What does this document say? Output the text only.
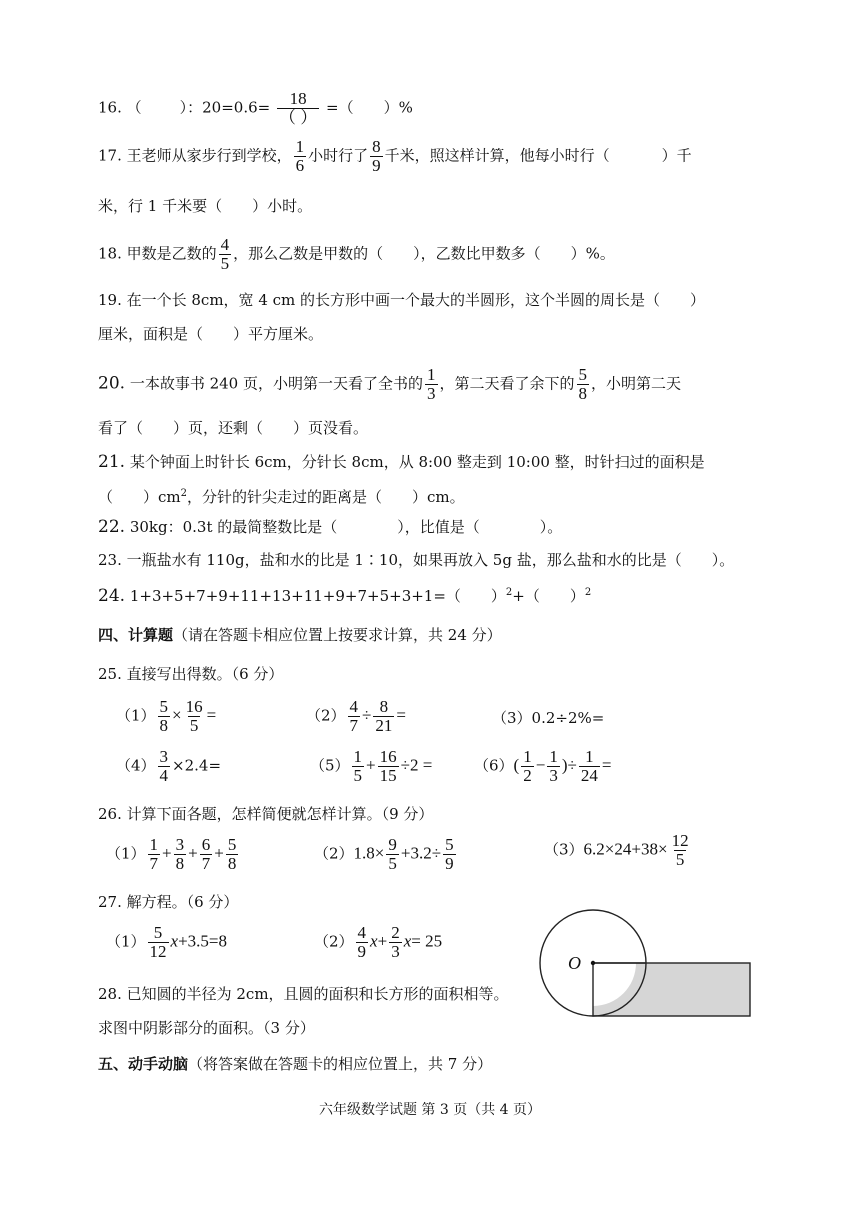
16. （	）：$20=0.6= \frac{18}{( )}$ =（ ）%
17. 王老师从家步行到学校， $\frac{1}{6}$ 小时行了 $\frac{8}{9}$ 千米，照这样计算，他每小时行（	）千
米，行 1 千米要（　　）小时。
18. 甲数是乙数的 $\frac{4}{5}$ ，那么乙数是甲数的（　　），乙数比甲数多（　　）%。
19. 在一个长 8cm，宽 4 cm 的长方形中画一个最大的半圆形，这个半圆的周长是（　　）
厘米，面积是（　　）平方厘米。
20. 一本故事书 240 页，小明第一天看了全书的 $\frac{1}{3}$ ，第二天看了余下的 $\frac{5}{8}$ ，小明第二天
看了（　　）页，还剩（　　）页没看。
21. 某个钟面上时针长 6cm，分针长 8cm，从 8:00 整走到 10:00 整，时针扫过的面积是
（　　）$cm^2$，分针的针尖走过的距离是（　　）cm。
22. 30kg：0.3t 的最简整数比是（　　　　），比值是（　　　　）。
23. 一瓶盐水有 110g，盐和水的比是 1∶10，如果再放入 5g 盐，那么盐和水的比是（　　）。
24. 1+3+5+7+9+11+13+11+9+7+5+3+1=（　　）$^2$+（　　）$^2$
四、计算题（请在答题卡相应位置上按要求计算，共 24 分）
25. 直接写出得数。（6 分）
$(1) \frac{5}{8} \times \frac{16}{5}$ =	$(2) \frac{4}{7} \div \frac{8}{21}$ =	（3）0.2÷2%=
$(4) \frac{3}{4} \times 2.4=$	$(5) \frac{1}{5} + \frac{16}{15} \div 2$ =	$(6)( \frac{1}{2} - \frac{1}{3}$ )÷ $\frac{1}{24}$ =
26. 计算下面各题，怎样简便就怎样计算。（9 分）
$(1) \frac{1}{7} + \frac{3}{8} + \frac{6}{7} + \frac{5}{8}$	$(2)1.8\times \frac{9}{5} +3.2\div \frac{5}{9}$	$(3)6.2\times 24+38\times \frac{12}{5}$
27. 解方程。（6 分）
$(1) \frac{5}{12} x+3.5=8$	$(2) \frac{4}{9} x+ \frac{2}{3} x= 25$
O
28. 已知圆的半径为 2cm，且圆的面积和长方形的面积相等。
求图中阴影部分的面积。（3 分）
五、动手动脑（将答案做在答题卡的相应位置上，共 7 分）
六年级数学试题 第 3 页（共 4 页）
